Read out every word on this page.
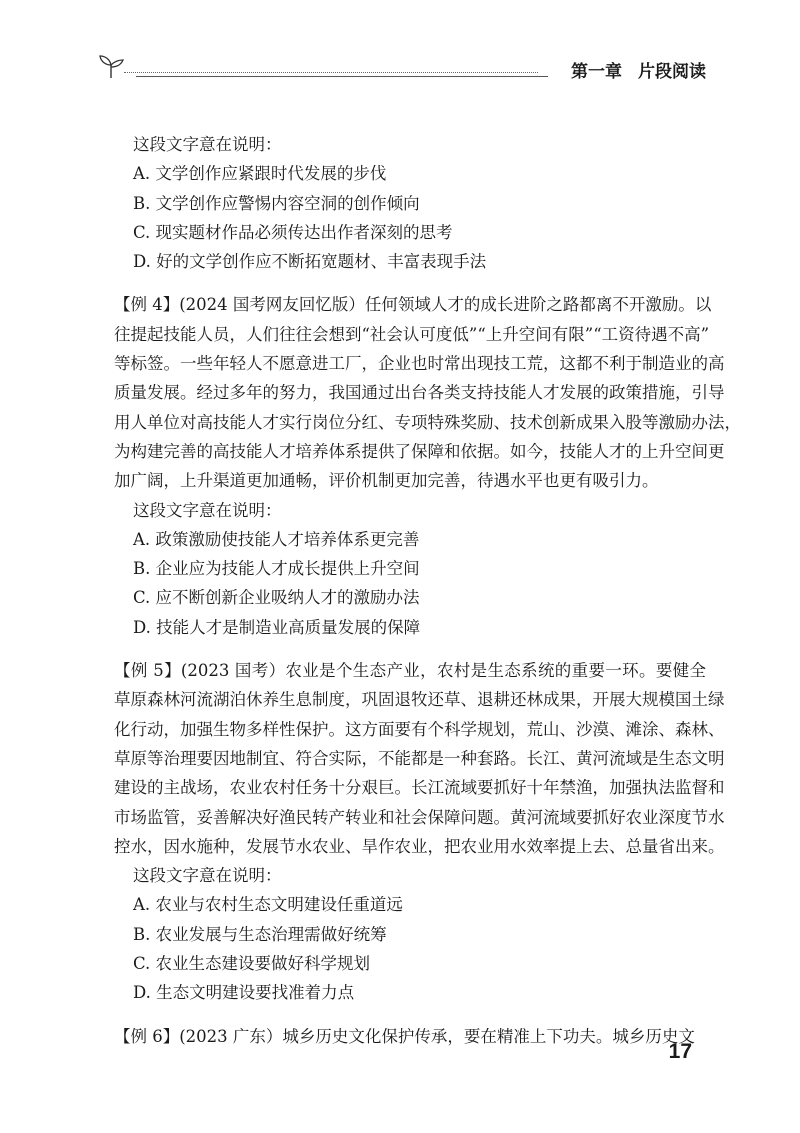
第一章 片段阅读

这段文字意在说明：

A. 文学创作应紧跟时代发展的步伐

B. 文学创作应警惕内容空洞的创作倾向

C. 现实题材作品必须传达出作者深刻的思考

D. 好的文学创作应不断拓宽题材、丰富表现手法

【例 4】(2024 国考网友回忆版）任何领域人才的成长进阶之路都离不开激励。以

往提起技能人员，人们往往会想到“社会认可度低”“上升空间有限”“工资待遇不高”

等标签。一些年轻人不愿意进工厂，企业也时常出现技工荒，这都不利于制造业的高

质量发展。经过多年的努力，我国通过出台各类支持技能人才发展的政策措施，引导

用人单位对高技能人才实行岗位分红、专项特殊奖励、技术创新成果入股等激励办法，

为构建完善的高技能人才培养体系提供了保障和依据。如今，技能人才的上升空间更

加广阔，上升渠道更加通畅，评价机制更加完善，待遇水平也更有吸引力。

这段文字意在说明：

A. 政策激励使技能人才培养体系更完善

B. 企业应为技能人才成长提供上升空间

C. 应不断创新企业吸纳人才的激励办法

D. 技能人才是制造业高质量发展的保障

【例 5】(2023 国考）农业是个生态产业，农村是生态系统的重要一环。要健全

草原森林河流湖泊休养生息制度，巩固退牧还草、退耕还林成果，开展大规模国土绿

化行动，加强生物多样性保护。这方面要有个科学规划，荒山、沙漠、滩涂、森林、

草原等治理要因地制宜、符合实际，不能都是一种套路。长江、黄河流域是生态文明

建设的主战场，农业农村任务十分艰巨。长江流域要抓好十年禁渔，加强执法监督和

市场监管，妥善解决好渔民转产转业和社会保障问题。黄河流域要抓好农业深度节水

控水，因水施种，发展节水农业、旱作农业，把农业用水效率提上去、总量省出来。

这段文字意在说明：

A. 农业与农村生态文明建设任重道远

B. 农业发展与生态治理需做好统筹

C. 农业生态建设要做好科学规划

D. 生态文明建设要找准着力点

【例 6】(2023 广东）城乡历史文化保护传承，要在精准上下功夫。城乡历史文

17
